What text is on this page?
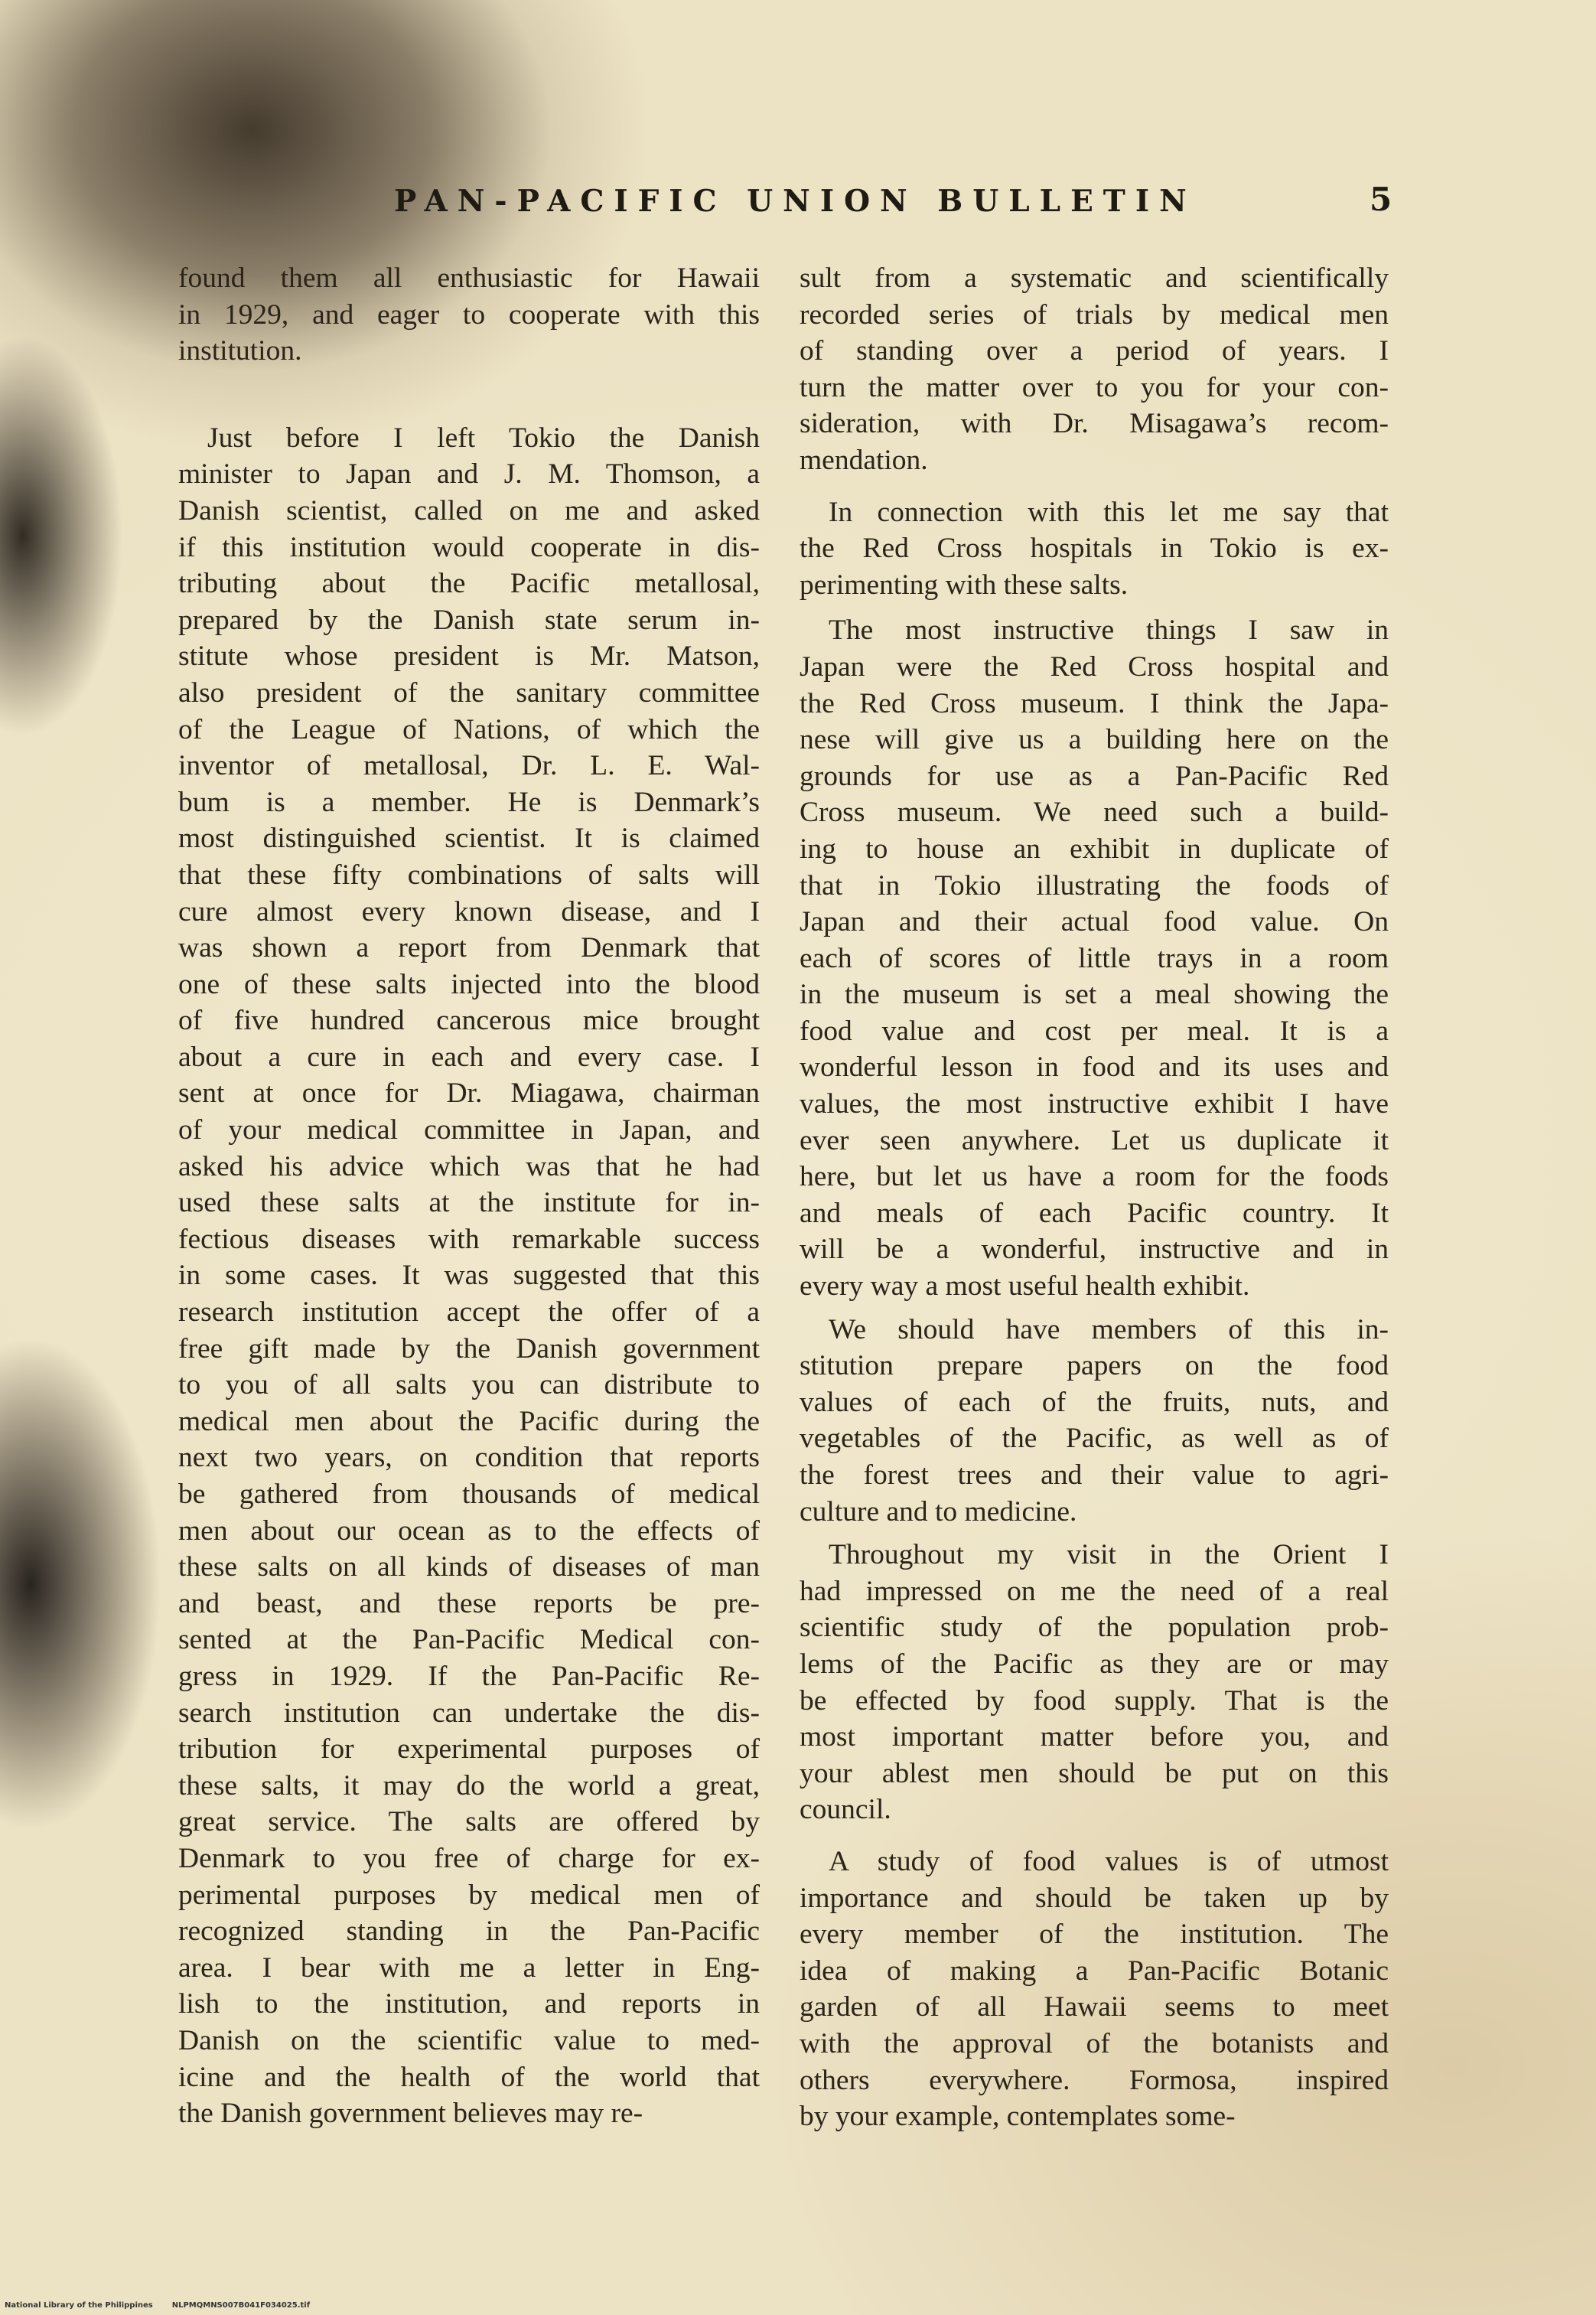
PAN-PACIFIC UNION BULLETIN	5
found them all enthusiastic for Hawaii
in 1929, and eager to cooperate with this
institution.
Just before I left Tokio the Danish
minister to Japan and J. M. Thomson, a
Danish scientist, called on me and asked
if this institution would cooperate in dis-
tributing about the Pacific metallosal,
prepared by the Danish state serum in-
stitute whose president is Mr. Matson,
also president of the sanitary committee
of the League of Nations, of which the
inventor of metallosal, Dr. L. E. Wal-
bum is a member. He is Denmark’s
most distinguished scientist. It is claimed
that these fifty combinations of salts will
cure almost every known disease, and I
was shown a report from Denmark that
one of these salts injected into the blood
of five hundred cancerous mice brought
about a cure in each and every case. I
sent at once for Dr. Miagawa, chairman
of your medical committee in Japan, and
asked his advice which was that he had
used these salts at the institute for in-
fectious diseases with remarkable success
in some cases. It was suggested that this
research institution accept the offer of a
free gift made by the Danish government
to you of all salts you can distribute to
medical men about the Pacific during the
next two years, on condition that reports
be gathered from thousands of medical
men about our ocean as to the effects of
these salts on all kinds of diseases of man
and beast, and these reports be pre-
sented at the Pan-Pacific Medical con-
gress in 1929. If the Pan-Pacific Re-
search institution can undertake the dis-
tribution for experimental purposes of
these salts, it may do the world a great,
great service. The salts are offered by
Denmark to you free of charge for ex-
perimental purposes by medical men of
recognized standing in the Pan-Pacific
area. I bear with me a letter in Eng-
lish to the institution, and reports in
Danish on the scientific value to med-
icine and the health of the world that
the Danish government believes may re-
sult from a systematic and scientifically
recorded series of trials by medical men
of standing over a period of years. I
turn the matter over to you for your con-
sideration, with Dr. Misagawa’s recom-
mendation.
In connection with this let me say that
the Red Cross hospitals in Tokio is ex-
perimenting with these salts.
The most instructive things I saw in
Japan were the Red Cross hospital and
the Red Cross museum. I think the Japa-
nese will give us a building here on the
grounds for use as a Pan-Pacific Red
Cross museum. We need such a build-
ing to house an exhibit in duplicate of
that in Tokio illustrating the foods of
Japan and their actual food value. On
each of scores of little trays in a room
in the museum is set a meal showing the
food value and cost per meal. It is a
wonderful lesson in food and its uses and
values, the most instructive exhibit I have
ever seen anywhere. Let us duplicate it
here, but let us have a room for the foods
and meals of each Pacific country. It
will be a wonderful, instructive and in
every way a most useful health exhibit.
We should have members of this in-
stitution prepare papers on the food
values of each of the fruits, nuts, and
vegetables of the Pacific, as well as of
the forest trees and their value to agri-
culture and to medicine.
Throughout my visit in the Orient I
had impressed on me the need of a real
scientific study of the population prob-
lems of the Pacific as they are or may
be effected by food supply. That is the
most important matter before you, and
your ablest men should be put on this
council.
A study of food values is of utmost
importance and should be taken up by
every member of the institution. The
idea of making a Pan-Pacific Botanic
garden of all Hawaii seems to meet
with the approval of the botanists and
others everywhere. Formosa, inspired
by your example, contemplates some-
National Library of the Philippines NLPMQMNS007B041F034025.tif
